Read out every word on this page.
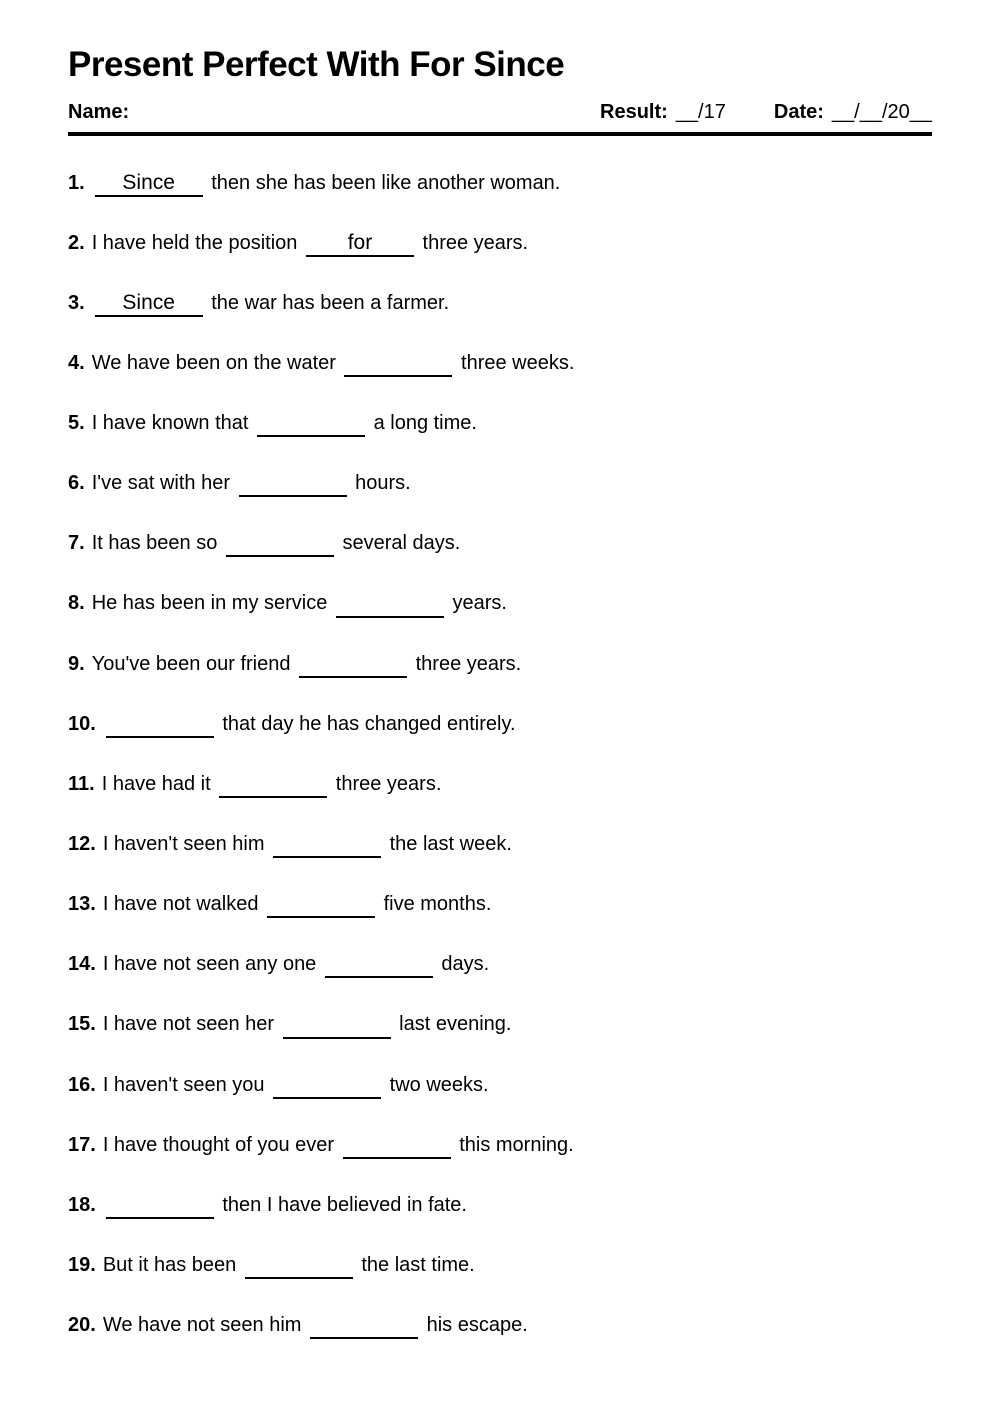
Present Perfect With For Since
Name:	Result: __/17 Date: __/__/20__
1. Since then she has been like another woman.
2. I have held the position for three years.
3. Since the war has been a farmer.
4. We have been on the water	three weeks.
5. I have known that	a long time.
6. I've sat with her	hours.
7. It has been so	several days.
8. He has been in my service	years.
9. You've been our friend	three years.
10.	that day he has changed entirely.
11. I have had it	three years.
12. I haven't seen him	the last week.
13. I have not walked	five months.
14. I have not seen any one	days.
15. I have not seen her	last evening.
16. I haven't seen you	two weeks.
17. I have thought of you ever	this morning.
18.	then I have believed in fate.
19. But it has been	the last time.
20. We have not seen him	his escape.
